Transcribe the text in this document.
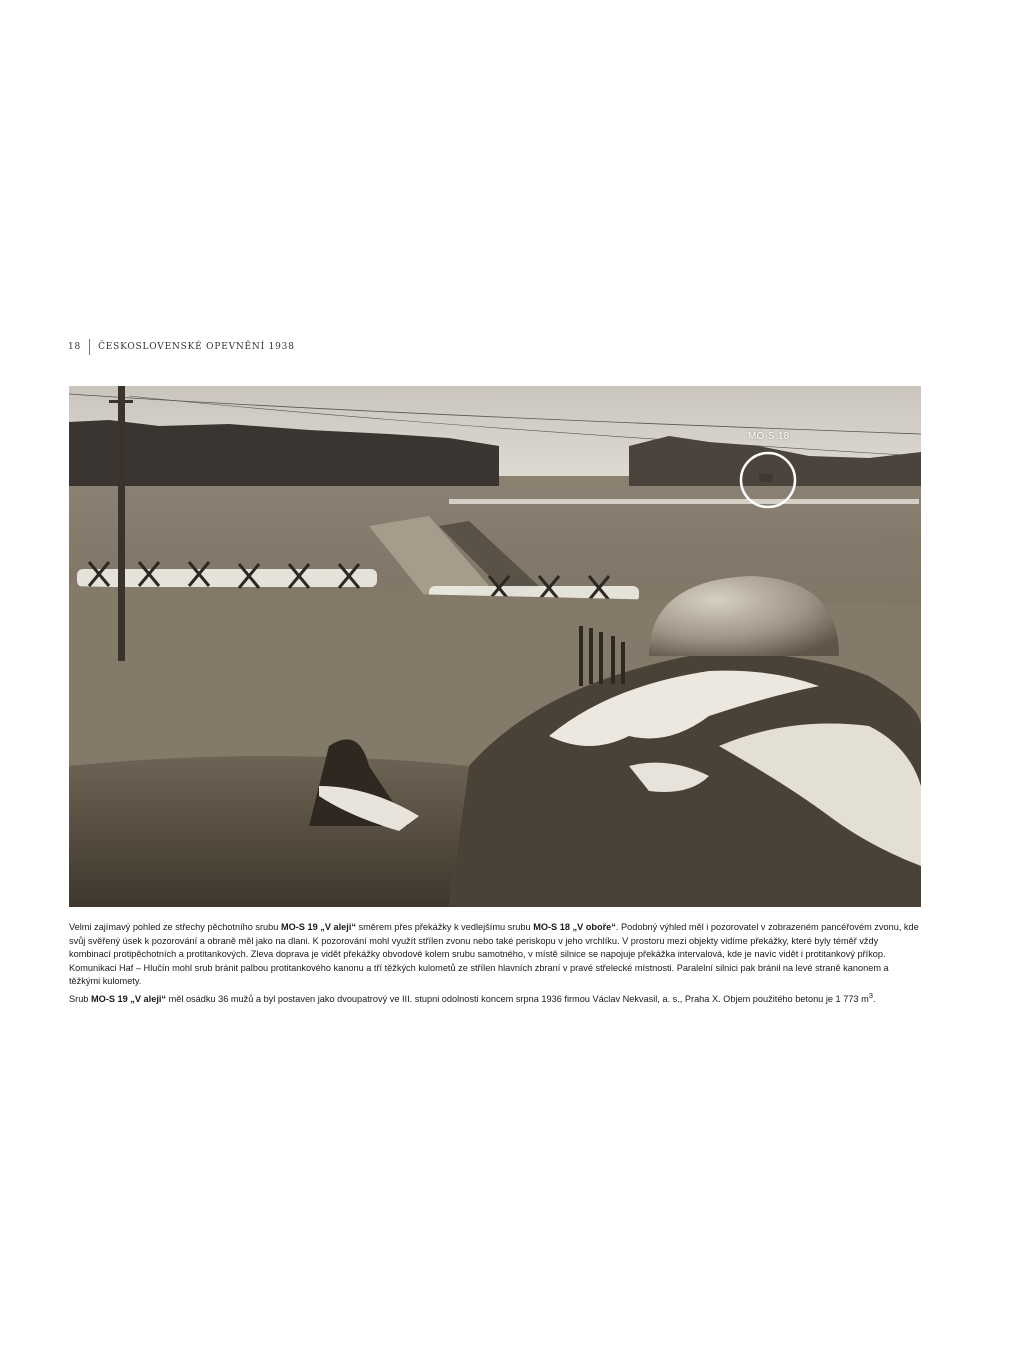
18 ČESKOSLOVENSKÉ OPEVNĚNÍ 1938
MO-S 18

Velmi zajímavý pohled ze střechy pěchotního srubu MO-S 19 „V aleji“ směrem přes překážky k vedlejšímu srubu MO-S 18 „V oboře“. Podobný výhled měl i pozorovatel v zobrazeném pancéřovém zvonu, kde svůj svěřený úsek k pozorování a obraně měl jako na dlani. K pozorování mohl využít střílen zvonu nebo také periskopu v jeho vrchlíku. V prostoru mezi objekty vidíme překážky, které byly téměř vždy kombinací protipěchotních a protitankových. Zleva doprava je vidět překážky obvodové kolem srubu samotného, v místě silnice se napojuje překážka intervalová, kde je navíc vidět i protitankový příkop. Komunikaci Haf – Hlučín mohl srub bránit palbou protitankového kanonu a tří těžkých kulometů ze střílen hlavních zbraní v pravé střelecké místnosti. Paralelní silnici pak bránil na levé straně kanonem a těžkými kulomety.

Srub MO-S 19 „V aleji“ měl osádku 36 mužů a byl postaven jako dvoupatrový ve III. stupni odolnosti koncem srpna 1936 firmou Václav Nekvasil, a. s., Praha X. Objem použitého betonu je 1 773 $m^3$.
